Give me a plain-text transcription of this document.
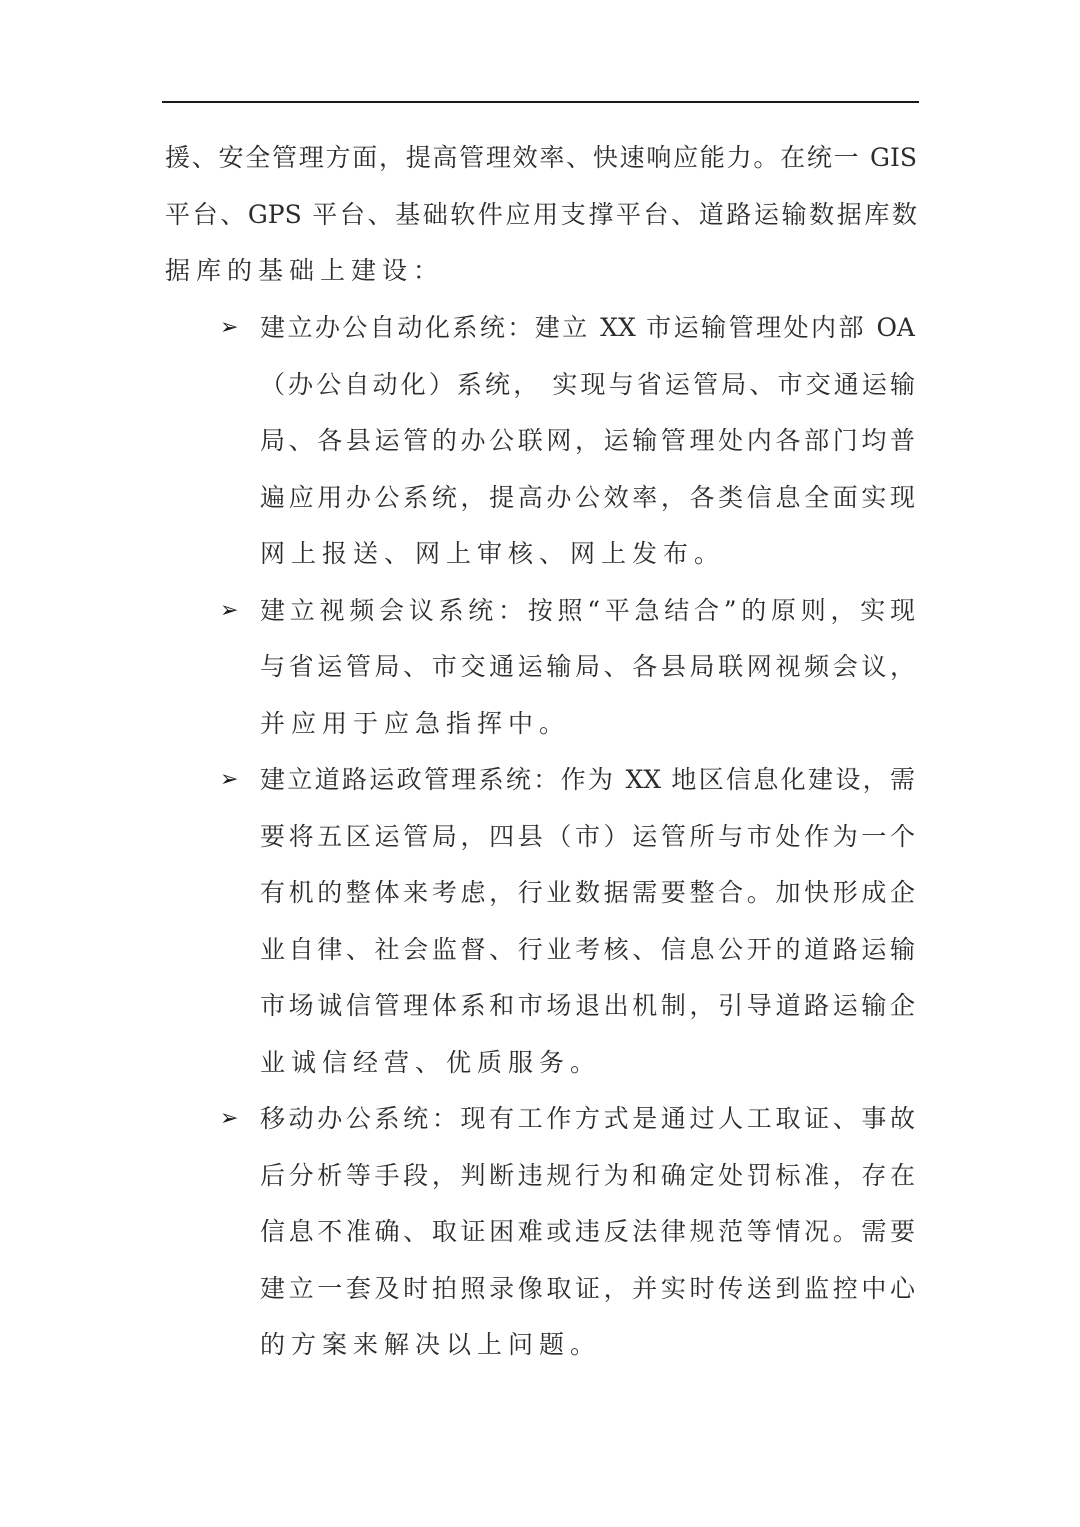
援、安全管理方面，提高管理效率、快速响应能力。在统一 GIS
平台、GPS 平台、基础软件应用支撑平台、道路运输数据库数
据库的基础上建设：
➢ 建立办公自动化系统：建立 XX 市运输管理处内部 OA
（办公自动化）系统， 实现与省运管局、市交通运输
局、各县运管的办公联网，运输管理处内各部门均普
遍应用办公系统，提高办公效率，各类信息全面实现
网上报送、网上审核、网上发布。
➢ 建立视频会议系统：按照“平急结合”的原则，实现
与省运管局、市交通运输局、各县局联网视频会议，
并应用于应急指挥中。
➢ 建立道路运政管理系统：作为 XX 地区信息化建设，需
要将五区运管局，四县（市）运管所与市处作为一个
有机的整体来考虑，行业数据需要整合。加快形成企
业自律、社会监督、行业考核、信息公开的道路运输
市场诚信管理体系和市场退出机制，引导道路运输企
业诚信经营、优质服务。
➢ 移动办公系统：现有工作方式是通过人工取证、事故
后分析等手段，判断违规行为和确定处罚标准，存在
信息不准确、取证困难或违反法律规范等情况。需要
建立一套及时拍照录像取证，并实时传送到监控中心
的方案来解决以上问题。
